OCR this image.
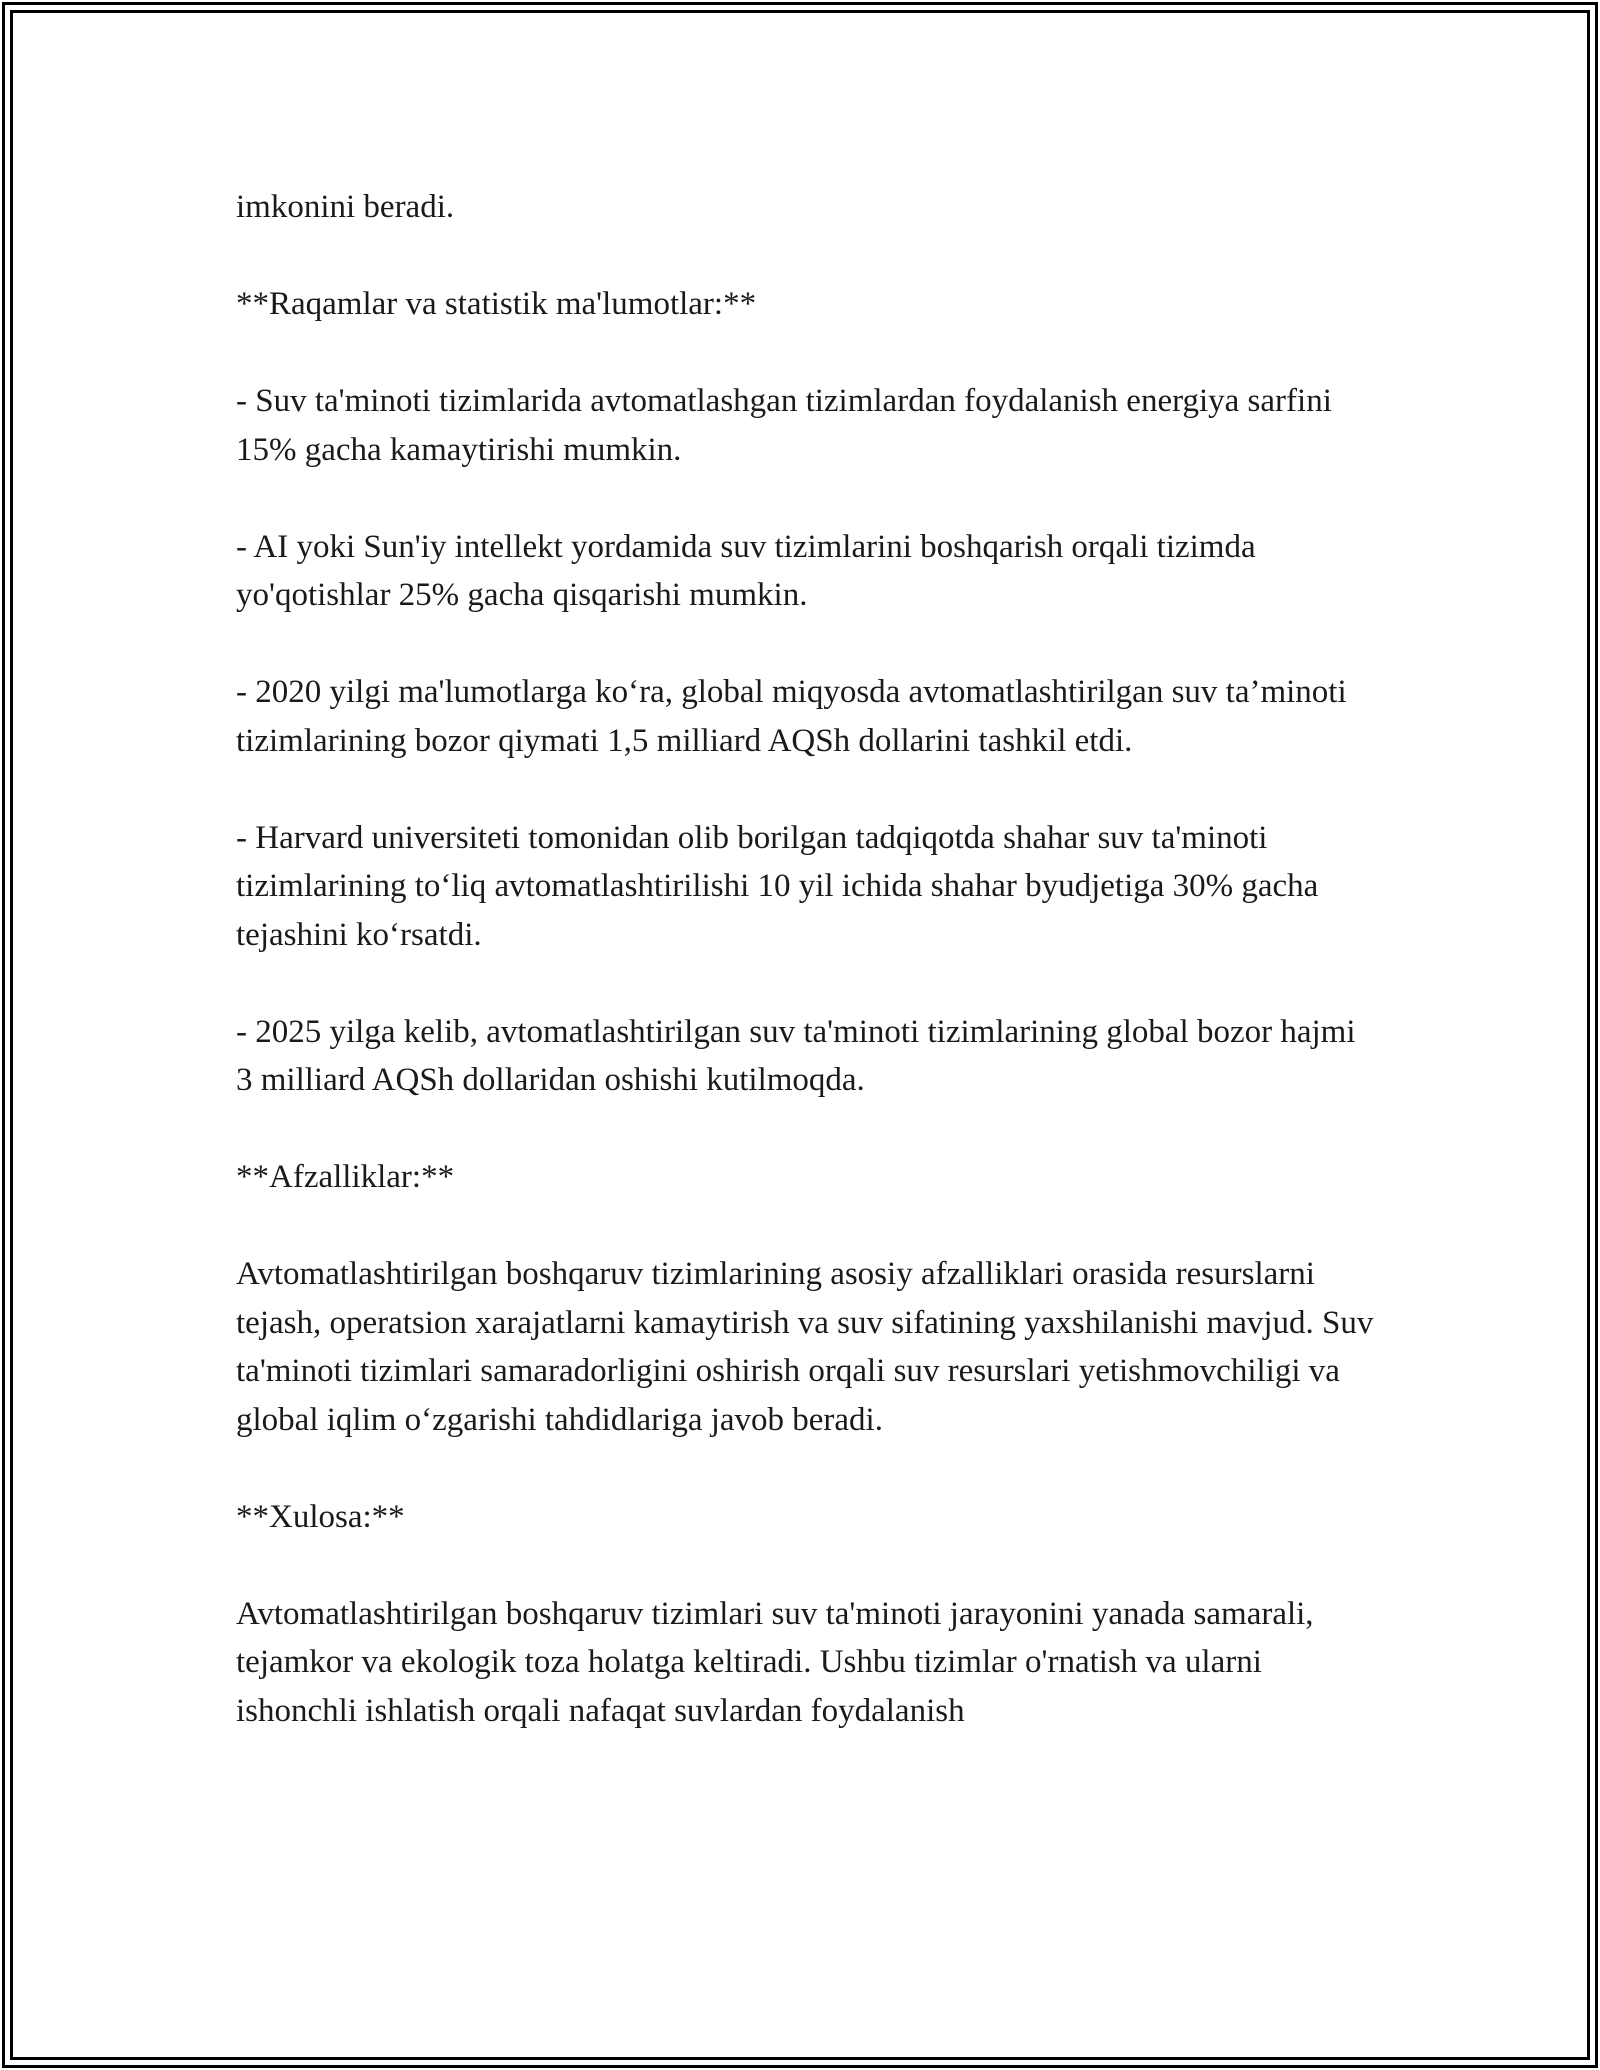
imkonini beradi.

**Raqamlar va statistik ma'lumotlar:**

- Suv ta'minoti tizimlarida avtomatlashgan tizimlardan foydalanish energiya sarfini 15% gacha kamaytirishi mumkin.

- AI yoki Sun'iy intellekt yordamida suv tizimlarini boshqarish orqali tizimda yo'qotishlar 25% gacha qisqarishi mumkin.

- 2020 yilgi ma'lumotlarga ko‘ra, global miqyosda avtomatlashtirilgan suv ta’minoti tizimlarining bozor qiymati 1,5 milliard AQSh dollarini tashkil etdi.

- Harvard universiteti tomonidan olib borilgan tadqiqotda shahar suv ta'minoti tizimlarining to‘liq avtomatlashtirilishi 10 yil ichida shahar byudjetiga 30% gacha tejashini ko‘rsatdi.

- 2025 yilga kelib, avtomatlashtirilgan suv ta'minoti tizimlarining global bozor hajmi 3 milliard AQSh dollaridan oshishi kutilmoqda.

**Afzalliklar:**

Avtomatlashtirilgan boshqaruv tizimlarining asosiy afzalliklari orasida resurslarni tejash, operatsion xarajatlarni kamaytirish va suv sifatining yaxshilanishi mavjud. Suv ta'minoti tizimlari samaradorligini oshirish orqali suv resurslari yetishmovchiligi va global iqlim o‘zgarishi tahdidlariga javob beradi.

**Xulosa:**

Avtomatlashtirilgan boshqaruv tizimlari suv ta'minoti jarayonini yanada samarali, tejamkor va ekologik toza holatga keltiradi. Ushbu tizimlar o'rnatish va ularni ishonchli ishlatish orqali nafaqat suvlardan foydalanish
